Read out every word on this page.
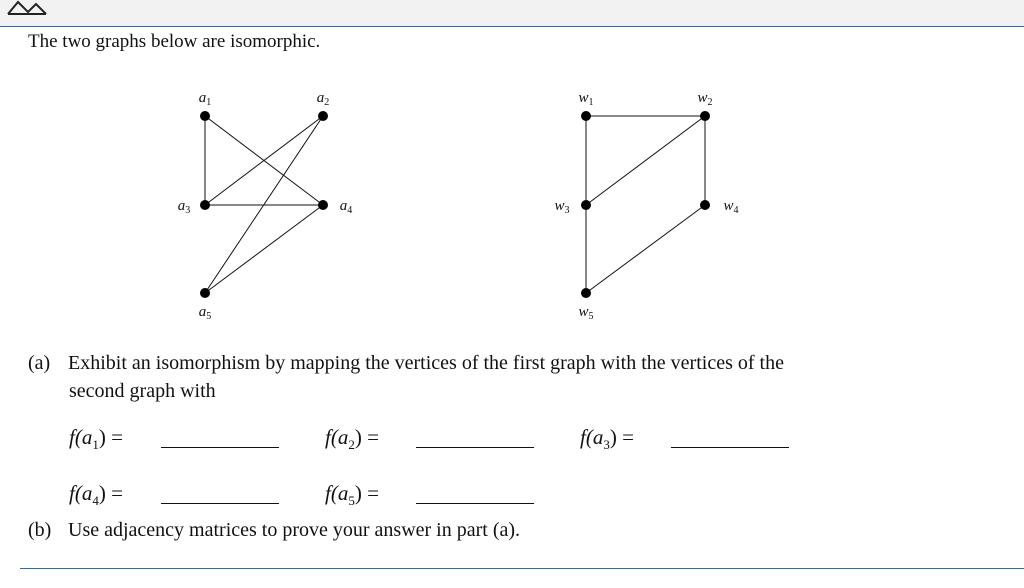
The two graphs below are isomorphic.
$a_1$	$a_2$
$a_3$	$a_4$
$a_5$
$w_1$	$w_2$
$w_3$	$w_4$
$w_5$
(a) Exhibit an isomorphism by mapping the vertices of the first graph with the vertices of the
second graph with
$f(a_1)$ =	$f(a_2)$ =	$f(a_3)$ =
$f(a_4)$ =	$f(a_5)$ =
(b) Use adjacency matrices to prove your answer in part (a).
